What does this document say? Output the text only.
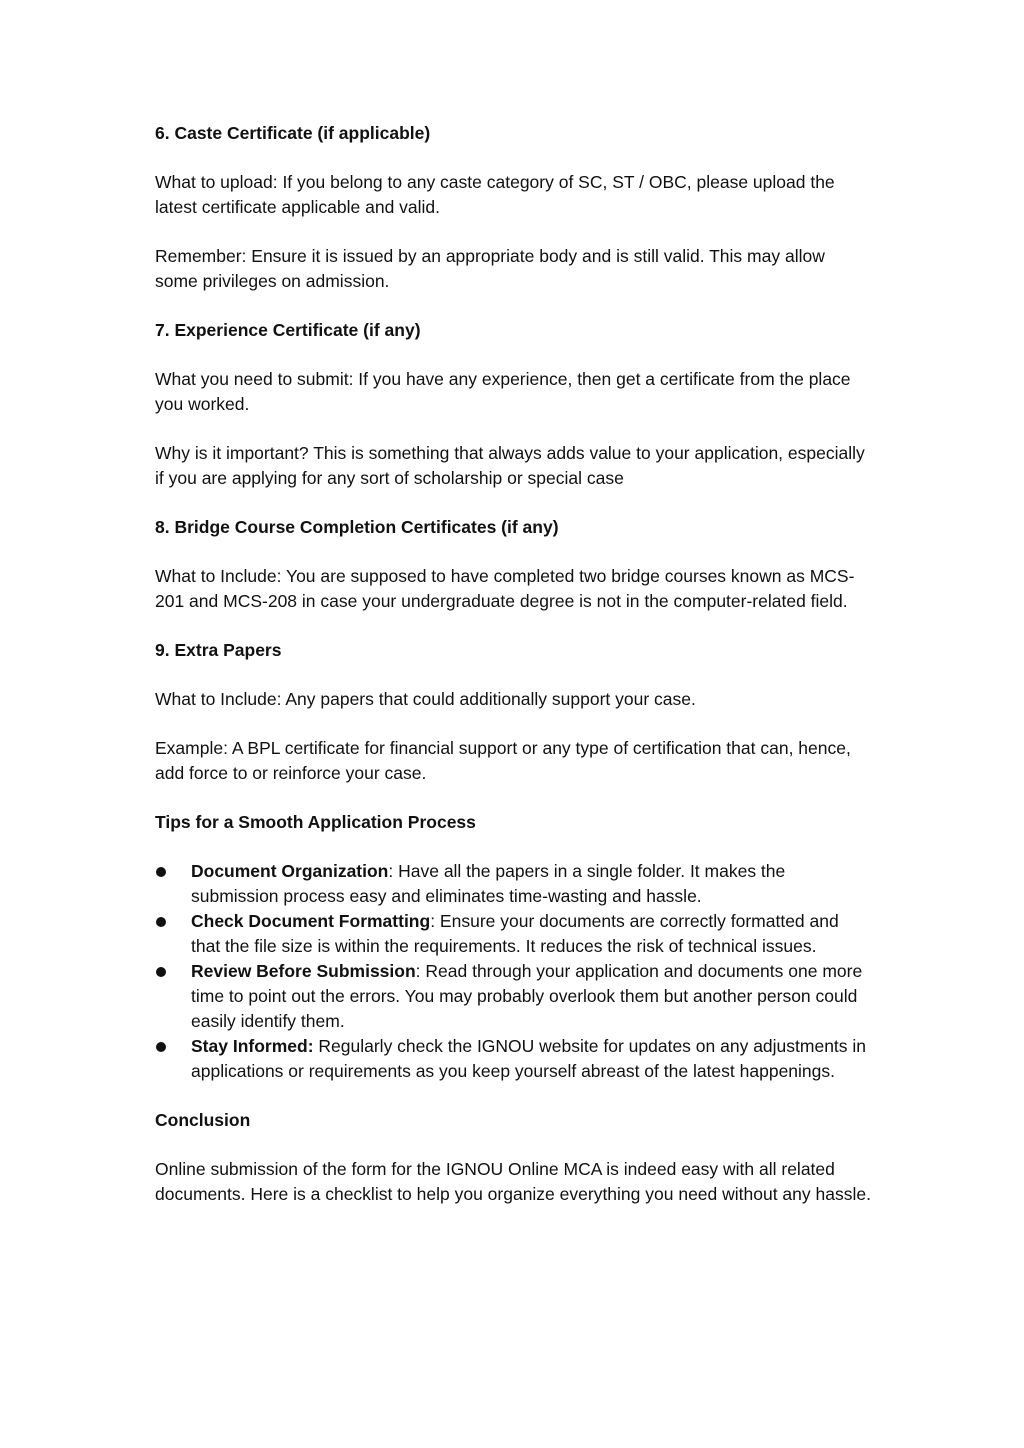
6. Caste Certificate (if applicable)

What to upload: If you belong to any caste category of SC, ST / OBC, please upload the latest certificate applicable and valid.

Remember: Ensure it is issued by an appropriate body and is still valid. This may allow some privileges on admission.

7. Experience Certificate (if any)

What you need to submit: If you have any experience, then get a certificate from the place you worked.

Why is it important? This is something that always adds value to your application, especially if you are applying for any sort of scholarship or special case

8. Bridge Course Completion Certificates (if any)

What to Include: You are supposed to have completed two bridge courses known as MCS-201 and MCS-208 in case your undergraduate degree is not in the computer-related field.

9. Extra Papers

What to Include: Any papers that could additionally support your case.

Example: A BPL certificate for financial support or any type of certification that can, hence, add force to or reinforce your case.

Tips for a Smooth Application Process

Document Organization: Have all the papers in a single folder. It makes the submission process easy and eliminates time-wasting and hassle.
Check Document Formatting: Ensure your documents are correctly formatted and that the file size is within the requirements. It reduces the risk of technical issues.
Review Before Submission: Read through your application and documents one more time to point out the errors. You may probably overlook them but another person could easily identify them.
Stay Informed: Regularly check the IGNOU website for updates on any adjustments in applications or requirements as you keep yourself abreast of the latest happenings.

Conclusion

Online submission of the form for the IGNOU Online MCA is indeed easy with all related documents. Here is a checklist to help you organize everything you need without any hassle.
